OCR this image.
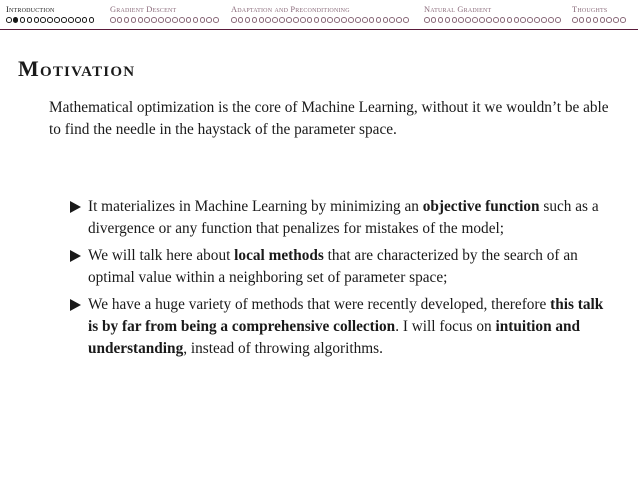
Introduction	Gradient Descent	Adaptation and Preconditioning	Natural Gradient	Thoughts
Motivation

Mathematical optimization is the core of Machine Learning, without it we wouldn’t be able to find the needle in the haystack of the parameter space.

It materializes in Machine Learning by minimizing an objective function such as a divergence or any function that penalizes for mistakes of the model;
We will talk here about local methods that are characterized by the search of an optimal value within a neighboring set of parameter space;
We have a huge variety of methods that were recently developed, therefore this talk is by far from being a comprehensive collection. I will focus on intuition and understanding, instead of throwing algorithms.
